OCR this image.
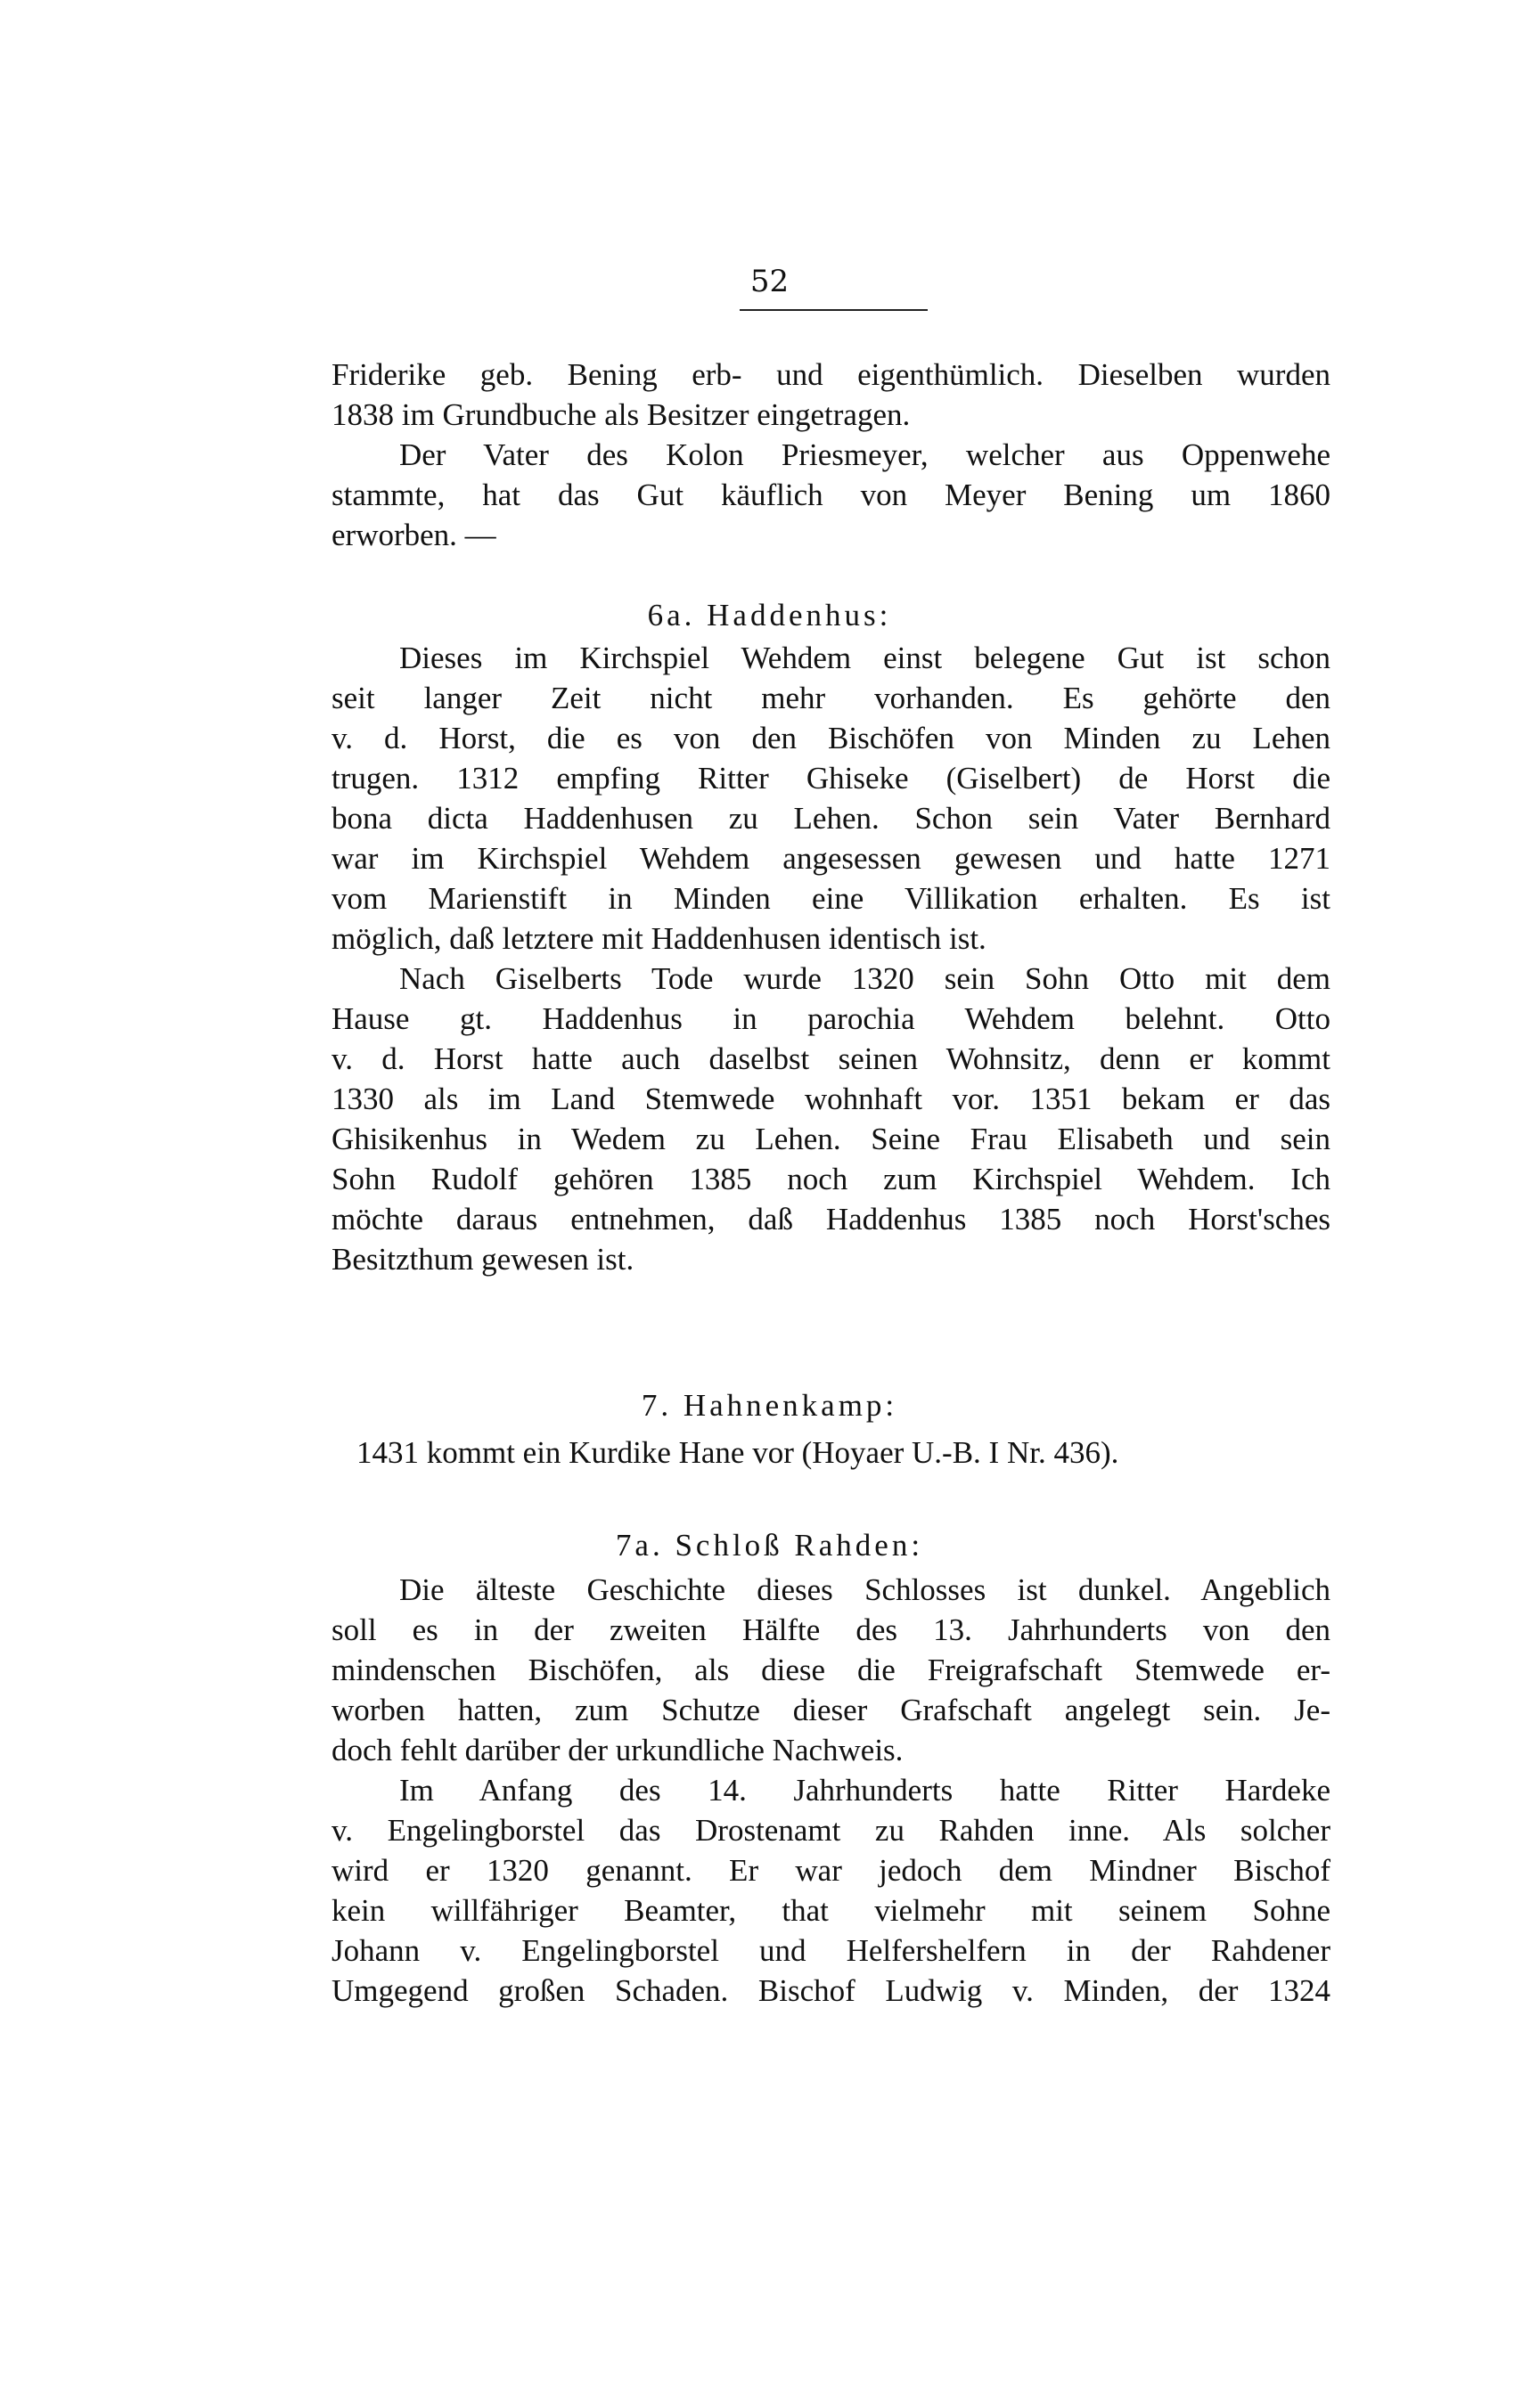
52
Friderike geb. Bening erb- und eigenthümlich. Dieselben wurden
1838 im Grundbuche als Besitzer eingetragen.
Der Vater des Kolon Priesmeyer, welcher aus Oppenwehe
stammte, hat das Gut käuflich von Meyer Bening um 1860
erworben. —
6a. Haddenhus:
Dieses im Kirchspiel Wehdem einst belegene Gut ist schon
seit langer Zeit nicht mehr vorhanden. Es gehörte den
v. d. Horst, die es von den Bischöfen von Minden zu Lehen
trugen. 1312 empfing Ritter Ghiseke (Giselbert) de Horst die
bona dicta Haddenhusen zu Lehen. Schon sein Vater Bernhard
war im Kirchspiel Wehdem angesessen gewesen und hatte 1271
vom Marienstift in Minden eine Villikation erhalten. Es ist
möglich, daß letztere mit Haddenhusen identisch ist.
Nach Giselberts Tode wurde 1320 sein Sohn Otto mit dem
Hause gt. Haddenhus in parochia Wehdem belehnt. Otto
v. d. Horst hatte auch daselbst seinen Wohnsitz, denn er kommt
1330 als im Land Stemwede wohnhaft vor. 1351 bekam er das
Ghisikenhus in Wedem zu Lehen. Seine Frau Elisabeth und sein
Sohn Rudolf gehören 1385 noch zum Kirchspiel Wehdem. Ich
möchte daraus entnehmen, daß Haddenhus 1385 noch Horst'sches
Besitzthum gewesen ist.
7. Hahnenkamp:
1431 kommt ein Kurdike Hane vor (Hoyaer U.-B. I Nr. 436).
7a. Schloß Rahden:
Die älteste Geschichte dieses Schlosses ist dunkel. Angeblich
soll es in der zweiten Hälfte des 13. Jahrhunderts von den
mindenschen Bischöfen, als diese die Freigrafschaft Stemwede er-
worben hatten, zum Schutze dieser Grafschaft angelegt sein. Je-
doch fehlt darüber der urkundliche Nachweis.
Im Anfang des 14. Jahrhunderts hatte Ritter Hardeke
v. Engelingborstel das Drostenamt zu Rahden inne. Als solcher
wird er 1320 genannt. Er war jedoch dem Mindner Bischof
kein willfähriger Beamter, that vielmehr mit seinem Sohne
Johann v. Engelingborstel und Helfershelfern in der Rahdener
Umgegend großen Schaden. Bischof Ludwig v. Minden, der 1324
